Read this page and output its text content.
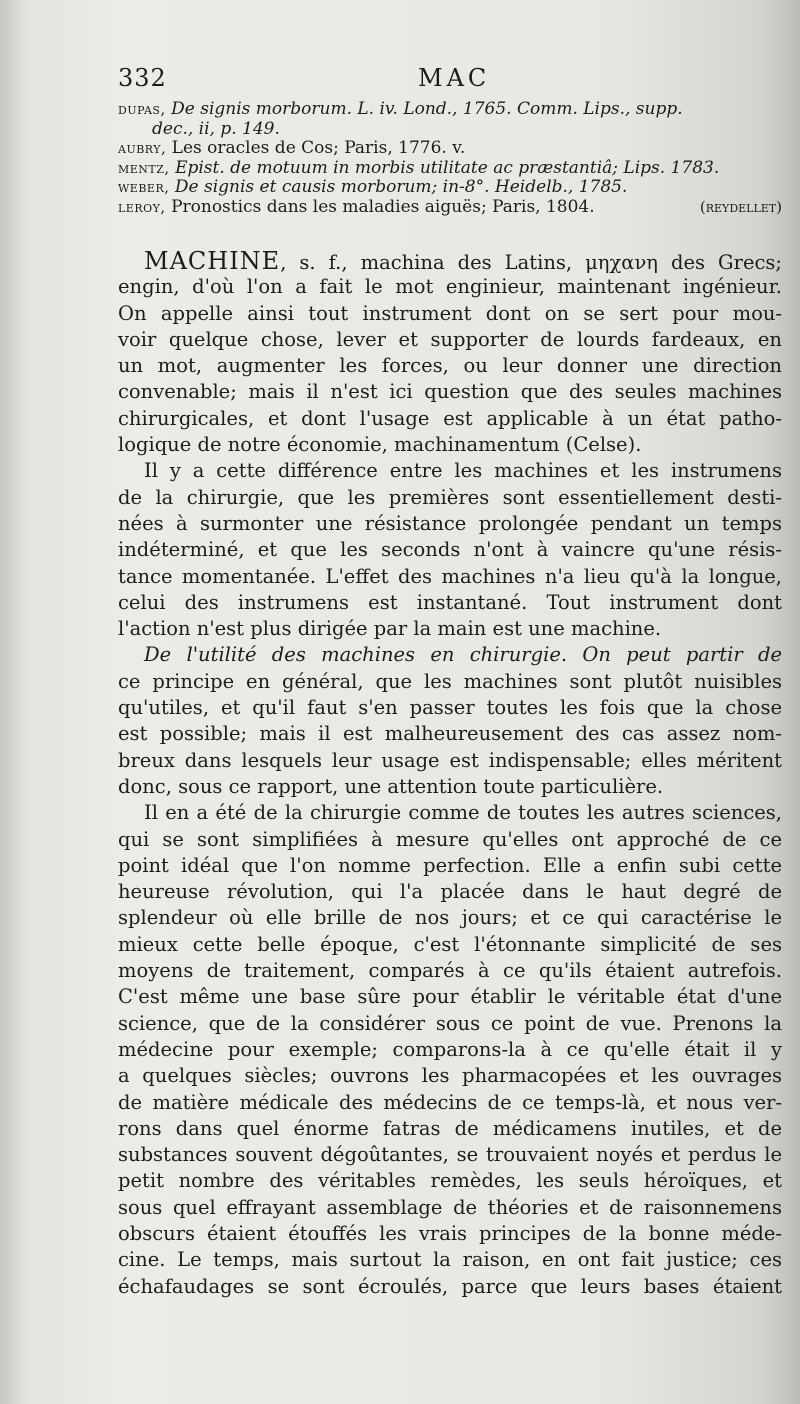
332	MAC
dupas, De signis morborum. L. iv. Lond., 1765. Comm. Lips., supp.
dec., ii, p. 149.
aubry, Les oracles de Cos; Paris, 1776. v.
mentz, Epist. de motuum in morbis utilitate ac præstantiâ; Lips. 1783.
weber, De signis et causis morborum; in-8°. Heidelb., 1785.
leroy, Pronostics dans les maladies aiguës; Paris, 1804.	(reydellet)
MACHINE, s. f., machina des Latins, μηχανη des Grecs;
engin, d'où l'on a fait le mot enginieur, maintenant ingénieur.
On appelle ainsi tout instrument dont on se sert pour mou-
voir quelque chose, lever et supporter de lourds fardeaux, en
un mot, augmenter les forces, ou leur donner une direction
convenable; mais il n'est ici question que des seules machines
chirurgicales, et dont l'usage est applicable à un état patho-
logique de notre économie, machinamentum (Celse).
Il y a cette différence entre les machines et les instrumens
de la chirurgie, que les premières sont essentiellement desti-
nées à surmonter une résistance prolongée pendant un temps
indéterminé, et que les seconds n'ont à vaincre qu'une résis-
tance momentanée. L'effet des machines n'a lieu qu'à la longue,
celui des instrumens est instantané. Tout instrument dont
l'action n'est plus dirigée par la main est une machine.
De l'utilité des machines en chirurgie. On peut partir de
ce principe en général, que les machines sont plutôt nuisibles
qu'utiles, et qu'il faut s'en passer toutes les fois que la chose
est possible; mais il est malheureusement des cas assez nom-
breux dans lesquels leur usage est indispensable; elles méritent
donc, sous ce rapport, une attention toute particulière.
Il en a été de la chirurgie comme de toutes les autres sciences,
qui se sont simplifiées à mesure qu'elles ont approché de ce
point idéal que l'on nomme perfection. Elle a enfin subi cette
heureuse révolution, qui l'a placée dans le haut degré de
splendeur où elle brille de nos jours; et ce qui caractérise le
mieux cette belle époque, c'est l'étonnante simplicité de ses
moyens de traitement, comparés à ce qu'ils étaient autrefois.
C'est même une base sûre pour établir le véritable état d'une
science, que de la considérer sous ce point de vue. Prenons la
médecine pour exemple; comparons-la à ce qu'elle était il y
a quelques siècles; ouvrons les pharmacopées et les ouvrages
de matière médicale des médecins de ce temps-là, et nous ver-
rons dans quel énorme fatras de médicamens inutiles, et de
substances souvent dégoûtantes, se trouvaient noyés et perdus le
petit nombre des véritables remèdes, les seuls héroïques, et
sous quel effrayant assemblage de théories et de raisonnemens
obscurs étaient étouffés les vrais principes de la bonne méde-
cine. Le temps, mais surtout la raison, en ont fait justice; ces
échafaudages se sont écroulés, parce que leurs bases étaient
